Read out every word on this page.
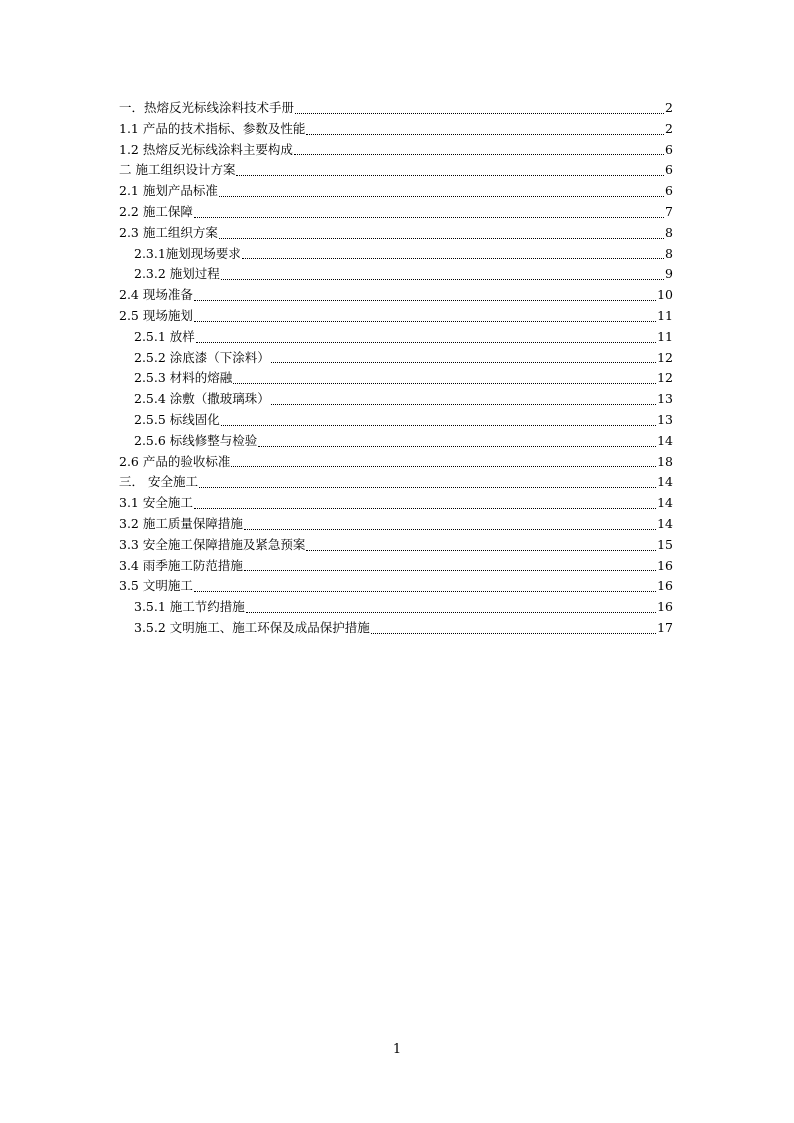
一．热熔反光标线涂料技术手册	2
1.1 产品的技术指标、参数及性能	2
1.2 热熔反光标线涂料主要构成	6
二 施工组织设计方案	6
2.1 施划产品标准	6
2.2 施工保障	7
2.3 施工组织方案	8
2.3.1施划现场要求	8
2.3.2 施划过程	9
2.4 现场准备	10
2.5 现场施划	11
2.5.1 放样	11
2.5.2 涂底漆（下涂料）	12
2.5.3 材料的熔融	12
2.5.4 涂敷（撒玻璃珠）	13
2.5.5 标线固化	13
2.5.6 标线修整与检验	14
2.6 产品的验收标准	18
三． 安全施工	14
3.1 安全施工	14
3.2 施工质量保障措施	14
3.3 安全施工保障措施及紧急预案	15
3.4 雨季施工防范措施	16
3.5 文明施工	16
3.5.1 施工节约措施	16
3.5.2 文明施工、施工环保及成品保护措施	17
1
